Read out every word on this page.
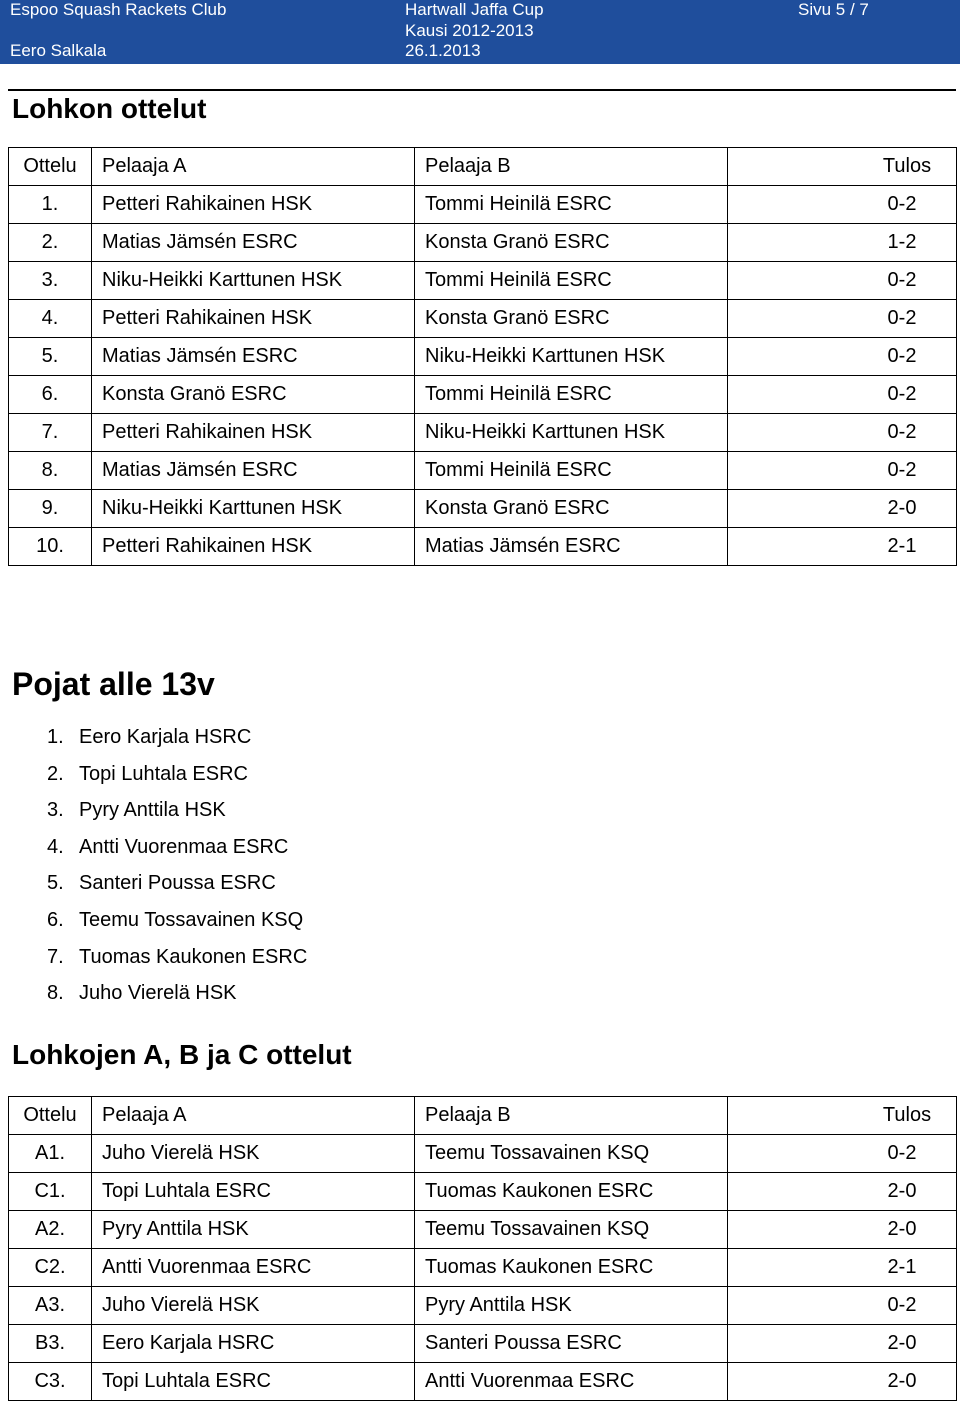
Espoo Squash Rackets Club
Eero Salkala
Hartwall Jaffa Cup
Kausi 2012-2013
26.1.2013
Sivu 5 / 7
Lohkon ottelut
Ottelu	Pelaaja A	Pelaaja B	Tulos
1.	Petteri Rahikainen HSK	Tommi Heinilä ESRC	0-2
2.	Matias Jämsén ESRC	Konsta Granö ESRC	1-2
3.	Niku-Heikki Karttunen HSK	Tommi Heinilä ESRC	0-2
4.	Petteri Rahikainen HSK	Konsta Granö ESRC	0-2
5.	Matias Jämsén ESRC	Niku-Heikki Karttunen HSK	0-2
6.	Konsta Granö ESRC	Tommi Heinilä ESRC	0-2
7.	Petteri Rahikainen HSK	Niku-Heikki Karttunen HSK	0-2
8.	Matias Jämsén ESRC	Tommi Heinilä ESRC	0-2
9.	Niku-Heikki Karttunen HSK	Konsta Granö ESRC	2-0
10.	Petteri Rahikainen HSK	Matias Jämsén ESRC	2-1
Pojat alle 13v
1. Eero Karjala HSRC
2. Topi Luhtala ESRC
3. Pyry Anttila HSK
4. Antti Vuorenmaa ESRC
5. Santeri Poussa ESRC
6. Teemu Tossavainen KSQ
7. Tuomas Kaukonen ESRC
8. Juho Vierelä HSK
Lohkojen A, B ja C ottelut
Ottelu	Pelaaja A	Pelaaja B	Tulos
A1.	Juho Vierelä HSK	Teemu Tossavainen KSQ	0-2
C1.	Topi Luhtala ESRC	Tuomas Kaukonen ESRC	2-0
A2.	Pyry Anttila HSK	Teemu Tossavainen KSQ	2-0
C2.	Antti Vuorenmaa ESRC	Tuomas Kaukonen ESRC	2-1
A3.	Juho Vierelä HSK	Pyry Anttila HSK	0-2
B3.	Eero Karjala HSRC	Santeri Poussa ESRC	2-0
C3.	Topi Luhtala ESRC	Antti Vuorenmaa ESRC	2-0
